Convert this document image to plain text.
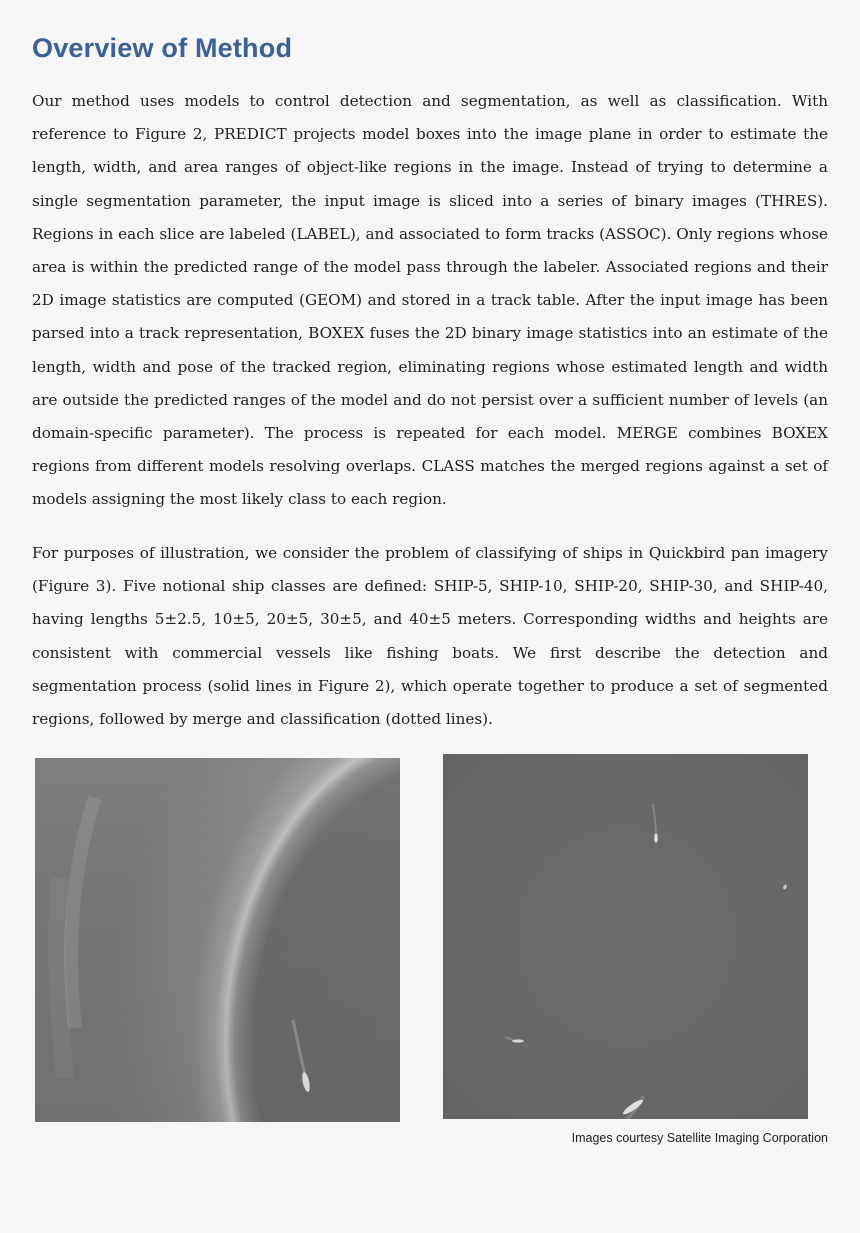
Overview of Method

Our method uses models to control detection and segmentation, as well as classification. With reference to Figure 2, PREDICT projects model boxes into the image plane in order to estimate the length, width, and area ranges of object-like regions in the image. Instead of trying to determine a single segmentation parameter, the input image is sliced into a series of binary images (THRES). Regions in each slice are labeled (LABEL), and associated to form tracks (ASSOC). Only regions whose area is within the predicted range of the model pass through the labeler. Associated regions and their 2D image statistics are computed (GEOM) and stored in a track table. After the input image has been parsed into a track representation, BOXEX fuses the 2D binary image statistics into an estimate of the length, width and pose of the tracked region, eliminating regions whose estimated length and width are outside the predicted ranges of the model and do not persist over a sufficient number of levels (an domain-specific parameter). The process is repeated for each model. MERGE combines BOXEX regions from different models resolving overlaps. CLASS matches the merged regions against a set of models assigning the most likely class to each region.

For purposes of illustration, we consider the problem of classifying of ships in Quickbird pan imagery (Figure 3). Five notional ship classes are defined: SHIP-5, SHIP-10, SHIP-20, SHIP-30, and SHIP-40, having lengths 5±2.5, 10±5, 20±5, 30±5, and 40±5 meters. Corresponding widths and heights are consistent with commercial vessels like fishing boats. We first describe the detection and segmentation process (solid lines in Figure 2), which operate together to produce a set of segmented regions, followed by merge and classification (dotted lines).

Images courtesy Satellite Imaging Corporation
